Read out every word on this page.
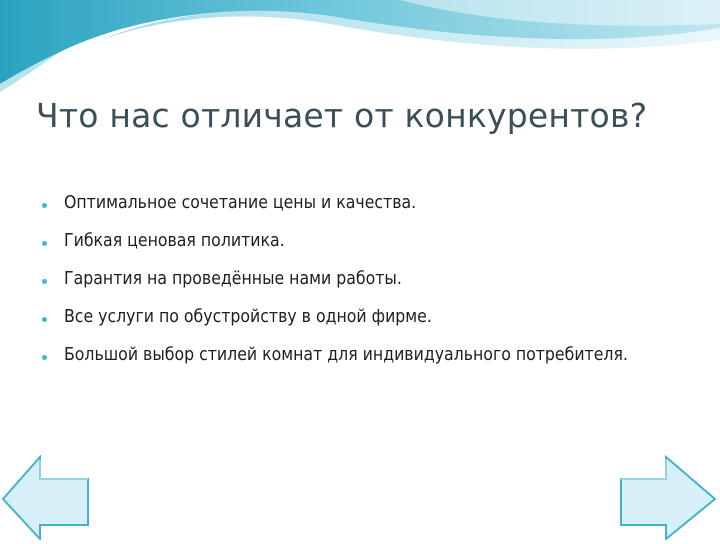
Что нас отличает от конкурентов?
Оптимальное сочетание цены и качества.
Гибкая ценовая политика.
Гарантия на проведённые нами работы.
Все услуги по обустройству в одной фирме.
Большой выбор стилей комнат для индивидуального потребителя.
